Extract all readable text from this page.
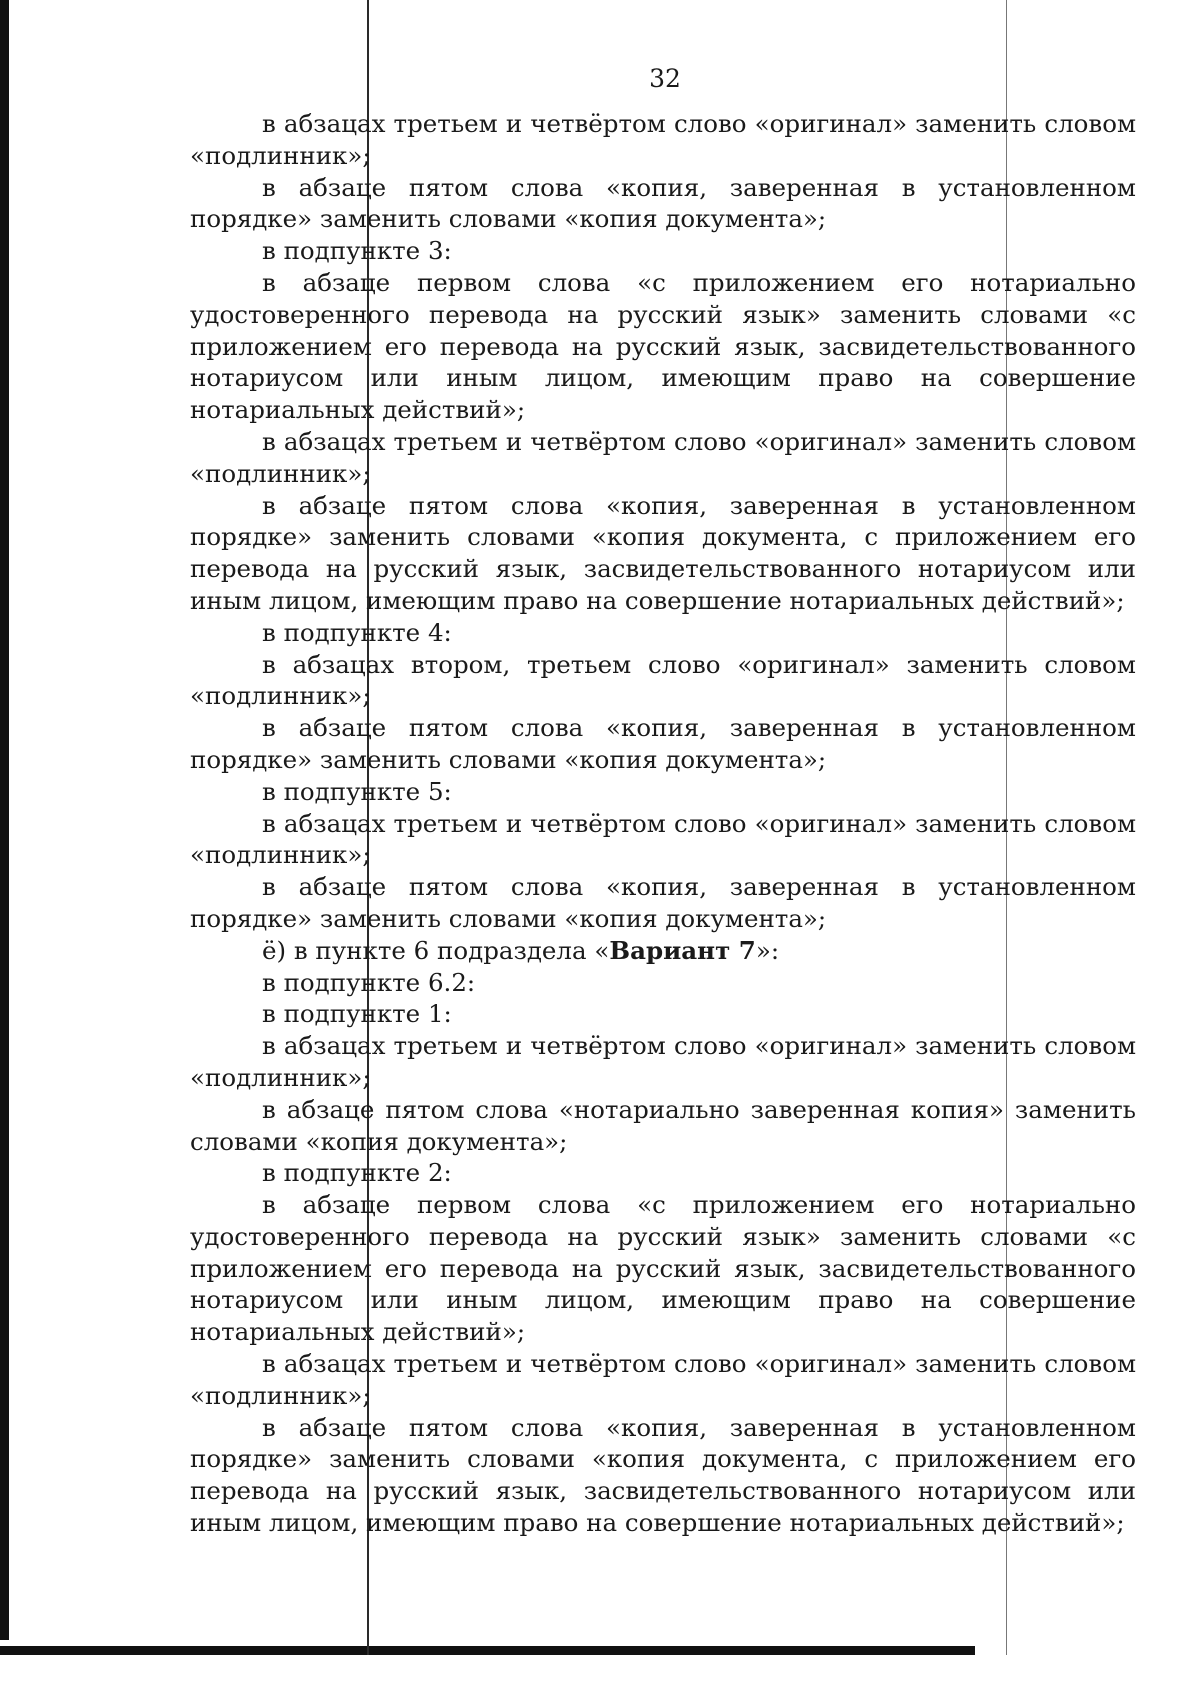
32

в абзацах третьем и четвёртом слово «оригинал» заменить словом «подлинник»;

в абзаце пятом слова «копия, заверенная в установленном порядке» заменить словами «копия документа»;

в подпункте 3:

в абзаце первом слова «с приложением его нотариально удостоверенного перевода на русский язык» заменить словами «с приложением его перевода на русский язык, засвидетельствованного нотариусом или иным лицом, имеющим право на совершение нотариальных действий»;

в абзацах третьем и четвёртом слово «оригинал» заменить словом «подлинник»;

в абзаце пятом слова «копия, заверенная в установленном порядке» заменить словами «копия документа, с приложением его перевода на русский язык, засвидетельствованного нотариусом или иным лицом, имеющим право на совершение нотариальных действий»;

в подпункте 4:

в абзацах втором, третьем слово «оригинал» заменить словом «подлинник»;

в абзаце пятом слова «копия, заверенная в установленном порядке» заменить словами «копия документа»;

в подпункте 5:

в абзацах третьем и четвёртом слово «оригинал» заменить словом «подлинник»;

в абзаце пятом слова «копия, заверенная в установленном порядке» заменить словами «копия документа»;

ё) в пункте 6 подраздела «Вариант 7»:

в подпункте 6.2:

в подпункте 1:

в абзацах третьем и четвёртом слово «оригинал» заменить словом «подлинник»;

в абзаце пятом слова «нотариально заверенная копия» заменить словами «копия документа»;

в подпункте 2:

в абзаце первом слова «с приложением его нотариально удостоверенного перевода на русский язык» заменить словами «с приложением его перевода на русский язык, засвидетельствованного нотариусом или иным лицом, имеющим право на совершение нотариальных действий»;

в абзацах третьем и четвёртом слово «оригинал» заменить словом «подлинник»;

в абзаце пятом слова «копия, заверенная в установленном порядке» заменить словами «копия документа, с приложением его перевода на русский язык, засвидетельствованного нотариусом или иным лицом, имеющим право на совершение нотариальных действий»;
